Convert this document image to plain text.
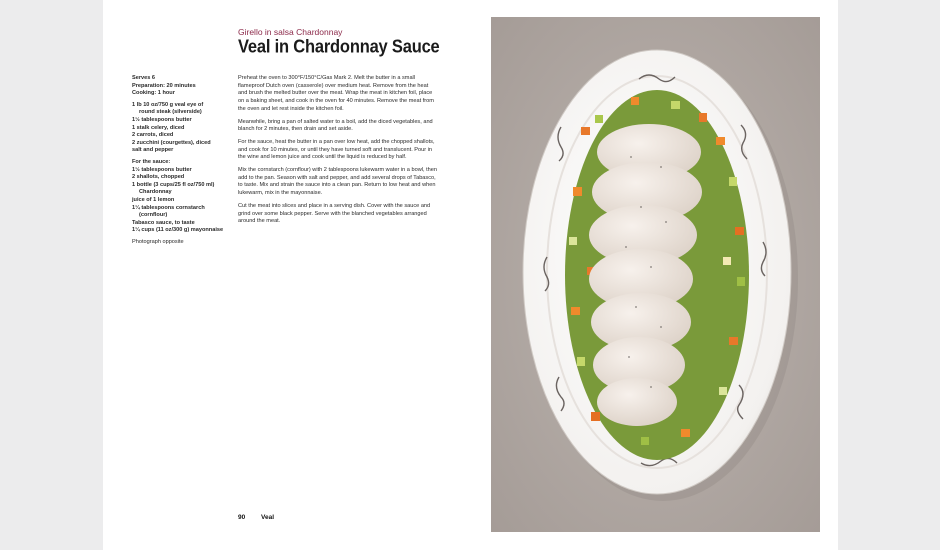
Girello in salsa Chardonnay
Veal in Chardonnay Sauce
Serves 6
Preparation: 20 minutes
Cooking: 1 hour
1 lb 10 oz/750 g veal eye of
round steak (silverside)
1½ tablespoons butter
1 stalk celery, diced
2 carrots, diced
2 zucchini (courgettes), diced
salt and pepper
For the sauce:
1½ tablespoons butter
2 shallots, chopped
1 bottle (3 cups/25 fl oz/750 ml)
Chardonnay
juice of 1 lemon
1¼ tablespoons cornstarch
(cornflour)
Tabasco sauce, to taste
1¼ cups (11 oz/300 g) mayonnaise
Photograph opposite

Preheat the oven to 300°F/150°C/Gas Mark 2. Melt the butter in a small flameproof Dutch oven (casserole) over medium heat. Remove from the heat and brush the melted butter over the meat. Wrap the meat in kitchen foil, place on a baking sheet, and cook in the oven for 40 minutes. Remove the meat from the oven and let rest inside the kitchen foil.

Meanwhile, bring a pan of salted water to a boil, add the diced vegetables, and blanch for 2 minutes, then drain and set aside.

For the sauce, heat the butter in a pan over low heat, add the chopped shallots, and cook for 10 minutes, or until they have turned soft and translucent. Pour in the wine and lemon juice and cook until the liquid is reduced by half.

Mix the cornstarch (cornflour) with 2 tablespoons lukewarm water in a bowl, then add to the pan. Season with salt and pepper, and add several drops of Tabasco, to taste. Mix and strain the sauce into a clean pan. Return to low heat and when lukewarm, mix in the mayonnaise.

Cut the meat into slices and place in a serving dish. Cover with the sauce and grind over some black pepper. Serve with the blanched vegetables arranged around the meat.

90 Veal
